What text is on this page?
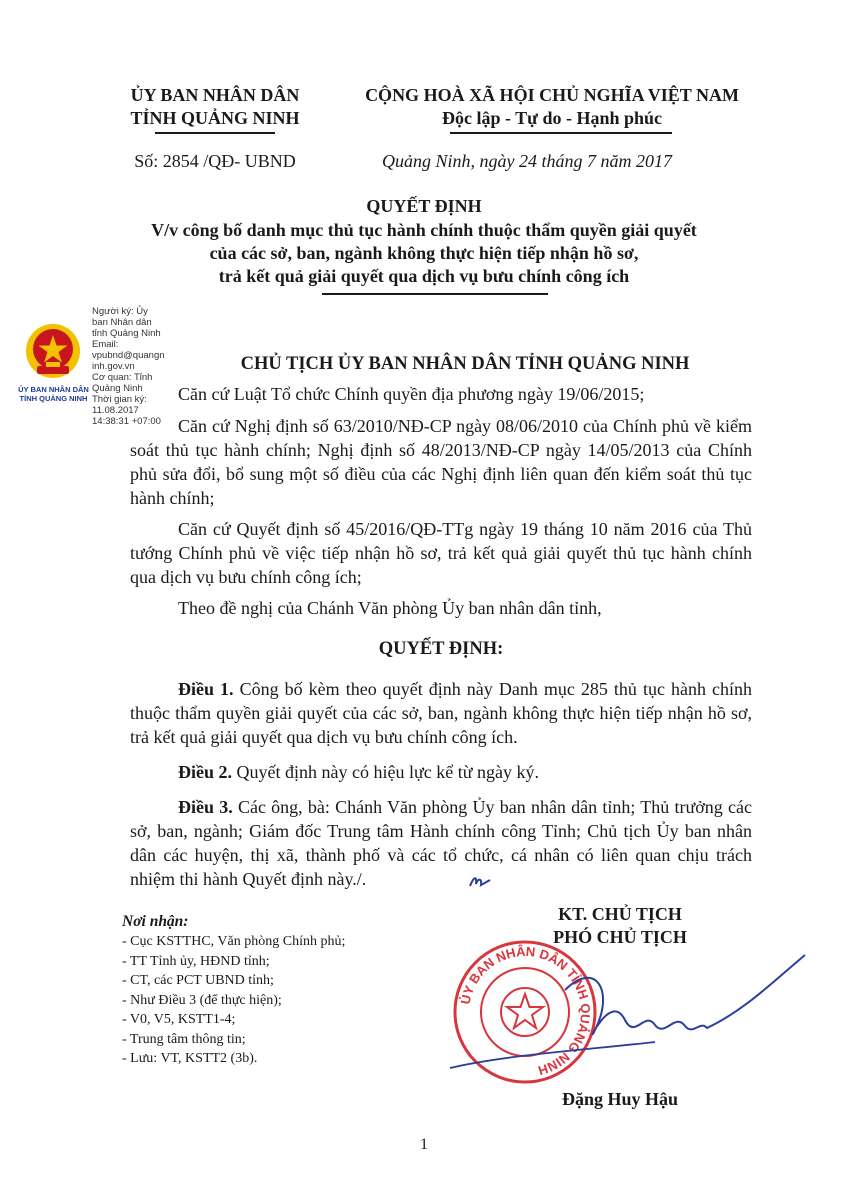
ỦY BAN NHÂN DÂN
TỈNH QUẢNG NINH
CỘNG HOÀ XÃ HỘI CHỦ NGHĨA VIỆT NAM
Độc lập - Tự do - Hạnh phúc
Số: 2854 /QĐ- UBND	Quảng Ninh, ngày 24 tháng 7 năm 2017
QUYẾT ĐỊNH
V/v công bố danh mục thủ tục hành chính thuộc thẩm quyền giải quyết
của các sở, ban, ngành không thực hiện tiếp nhận hồ sơ,
trả kết quả giải quyết qua dịch vụ bưu chính công ích
ỦY BAN NHÂN DÂN
TỈNH QUẢNG NINH
Người ký: Ủy
ban Nhân dân
tỉnh Quảng Ninh
Email:
vpubnd@quangn
inh.gov.vn
Cơ quan: Tỉnh
Quảng Ninh
Thời gian ký:
11.08.2017
14:38:31 +07:00
CHỦ TỊCH ỦY BAN NHÂN DÂN TỈNH QUẢNG NINH
Căn cứ Luật Tổ chức Chính quyền địa phương ngày 19/06/2015;
Căn cứ Nghị định số 63/2010/NĐ-CP ngày 08/06/2010 của Chính phủ về kiểm soát thủ tục hành chính; Nghị định số 48/2013/NĐ-CP ngày 14/05/2013 của Chính phủ sửa đổi, bổ sung một số điều của các Nghị định liên quan đến kiểm soát thủ tục hành chính;
Căn cứ Quyết định số 45/2016/QĐ-TTg ngày 19 tháng 10 năm 2016 của Thủ tướng Chính phủ về việc tiếp nhận hồ sơ, trả kết quả giải quyết thủ tục hành chính qua dịch vụ bưu chính công ích;
Theo đề nghị của Chánh Văn phòng Ủy ban nhân dân tỉnh,
QUYẾT ĐỊNH:
Điều 1. Công bố kèm theo quyết định này Danh mục 285 thủ tục hành chính thuộc thẩm quyền giải quyết của các sở, ban, ngành không thực hiện tiếp nhận hồ sơ, trả kết quả giải quyết qua dịch vụ bưu chính công ích.
Điều 2. Quyết định này có hiệu lực kể từ ngày ký.
Điều 3. Các ông, bà: Chánh Văn phòng Ủy ban nhân dân tỉnh; Thủ trưởng các sở, ban, ngành; Giám đốc Trung tâm Hành chính công Tỉnh; Chủ tịch Ủy ban nhân dân các huyện, thị xã, thành phố và các tổ chức, cá nhân có liên quan chịu trách nhiệm thi hành Quyết định này./.
Nơi nhận:
- Cục KSTTHC, Văn phòng Chính phủ;
- TT Tỉnh ủy, HĐND tỉnh;
- CT, các PCT UBND tỉnh;
- Như Điều 3 (để thực hiện);
- V0, V5, KSTT1-4;
- Trung tâm thông tin;
- Lưu: VT, KSTT2 (3b).
KT. CHỦ TỊCH
PHÓ CHỦ TỊCH
ỦY BAN NHÂN DÂN TỈNH QUẢNG NINH
Đặng Huy Hậu
1
